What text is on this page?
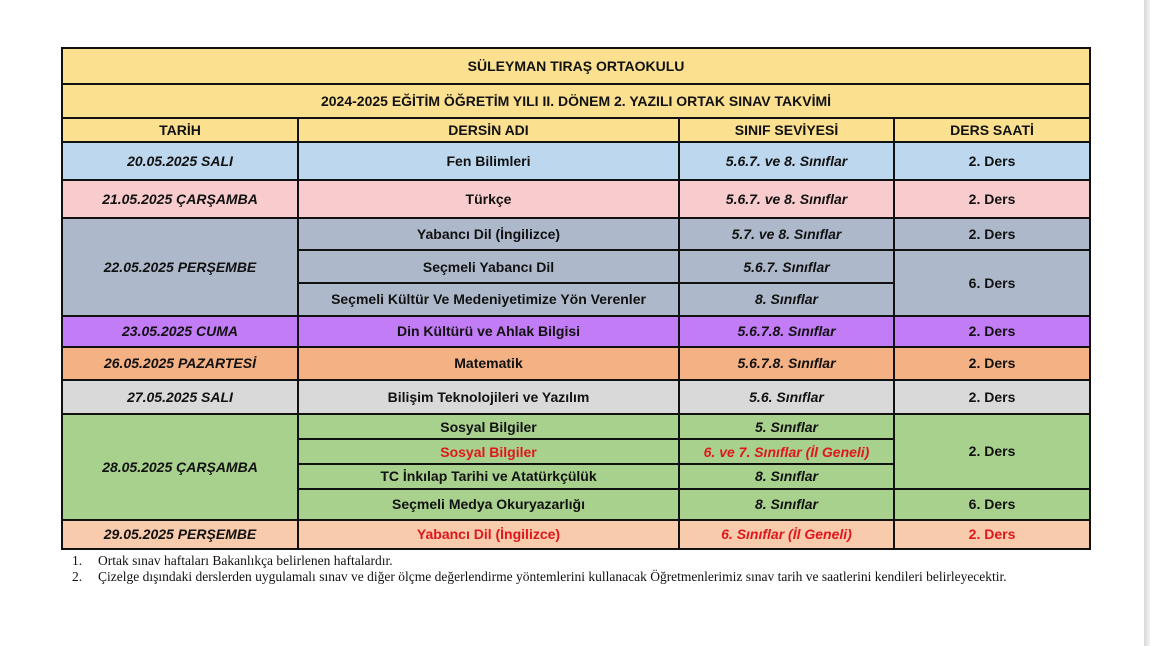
SÜLEYMAN TIRAŞ ORTAOKULU			
2024-2025 EĞİTİM ÖĞRETİM YILI II. DÖNEM 2. YAZILI ORTAK SINAV TAKVİMİ			
TARİH	DERSİN ADI	SINIF SEVİYESİ	DERS SAATİ
20.05.2025 SALI	Fen Bilimleri	5.6.7. ve 8. Sınıflar	2. Ders
21.05.2025 ÇARŞAMBA	Türkçe	5.6.7. ve 8. Sınıflar	2. Ders
22.05.2025 PERŞEMBE	Yabancı Dil (İngilizce)	5.7. ve 8. Sınıflar	2. Ders
	Seçmeli Yabancı Dil	5.6.7. Sınıflar	6. Ders
	Seçmeli Kültür Ve Medeniyetimize Yön Verenler	8. Sınıflar	
23.05.2025 CUMA	Din Kültürü ve Ahlak Bilgisi	5.6.7.8. Sınıflar	2. Ders
26.05.2025 PAZARTESİ	Matematik	5.6.7.8. Sınıflar	2. Ders
27.05.2025 SALI	Bilişim Teknolojileri ve Yazılım	5.6. Sınıflar	2. Ders
28.05.2025 ÇARŞAMBA	Sosyal Bilgiler	5. Sınıflar	2. Ders
	Sosyal Bilgiler	6. ve 7. Sınıflar (İl Geneli)	
	TC İnkılap Tarihi ve Atatürkçülük	8. Sınıflar	
	Seçmeli Medya Okuryazarlığı	8. Sınıflar	6. Ders
29.05.2025 PERŞEMBE	Yabancı Dil (İngilizce)	6. Sınıflar (İl Geneli)	2. Ders
1.	Ortak sınav haftaları Bakanlıkça belirlenen haftalardır.
2.	Çizelge dışındaki derslerden uygulamalı sınav ve diğer ölçme değerlendirme yöntemlerini kullanacak Öğretmenlerimiz sınav tarih ve saatlerini kendileri belirleyecektir.
